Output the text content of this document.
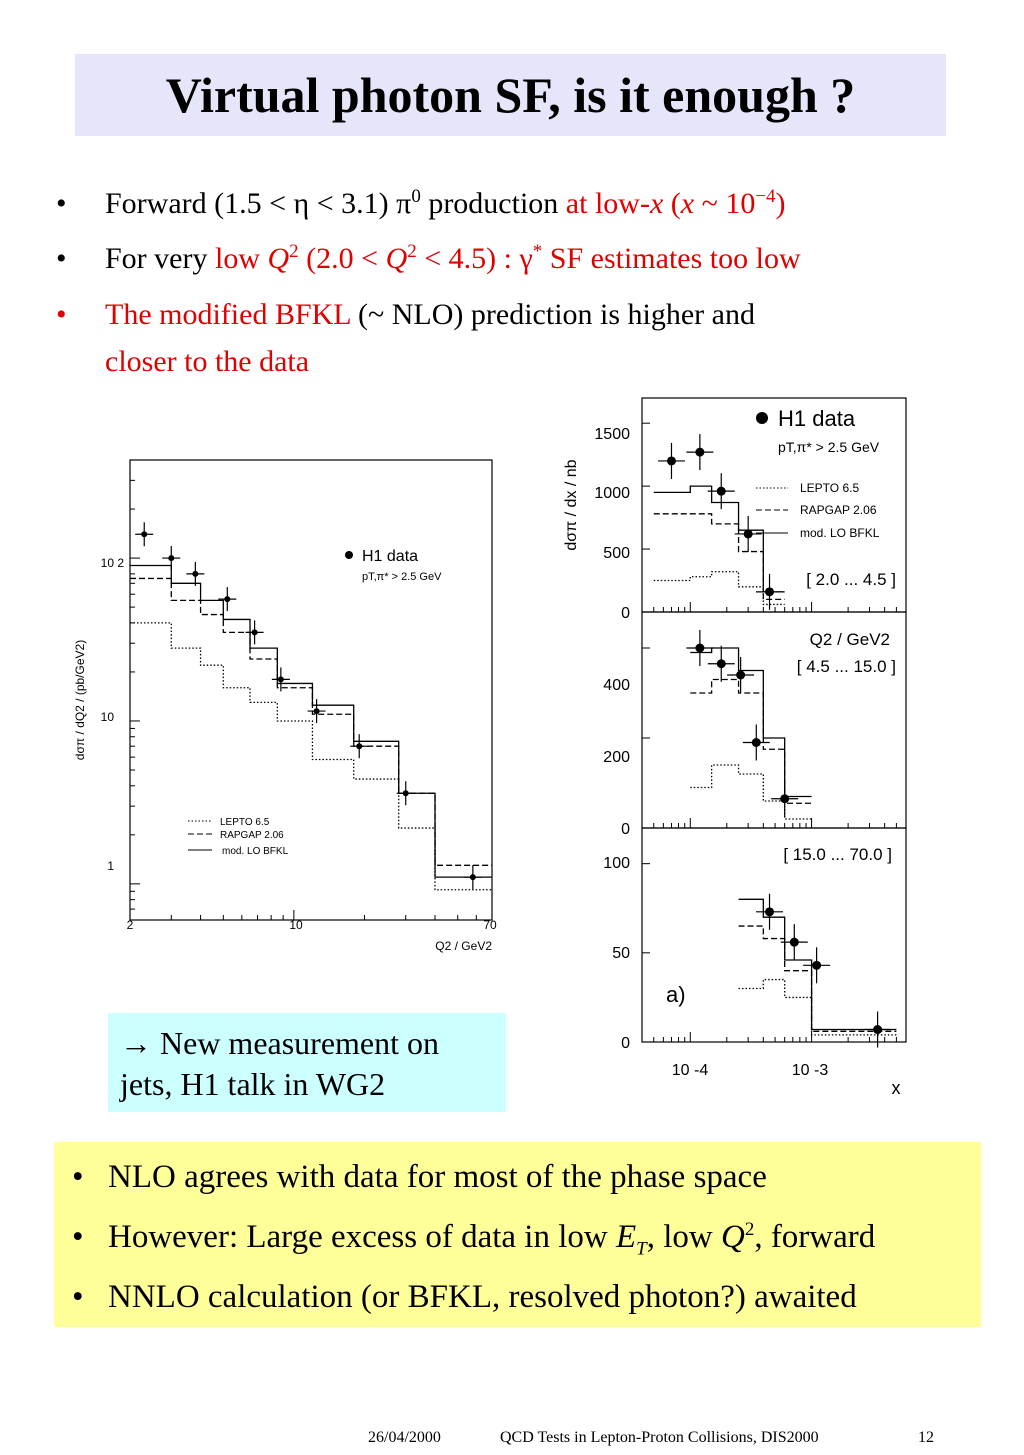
Virtual photon SF, is it enough ?
• Forward (1.5 < η < 3.1) $\pi^0$ production at low-x (x ~ $10^{-4}$)
• For very low $Q^2$ $(2.0 < Q^2 < 4.5)$ : γ* SF estimates too low
• The modified BFKL (~ NLO) prediction is higher and
closer to the data
1
10
10 2
2	10	70
Q2 / GeV2
dσπ / dQ2 / (pb/GeV2)
H1 data
pT,π* > 2.5 GeV
LEPTO 6.5
RAPGAP 2.06
mod. LO BFKL
1500
1000
500
0
400
200
0
100
50
0
10 -4	10 -3
x
dσπ / dx / nb
H1 data
pT,π* > 2.5 GeV
LEPTO 6.5
RAPGAP 2.06
mod. LO BFKL
[ 2.0 ... 4.5 ]
Q2 / GeV2
[ 4.5 ... 15.0 ]
[ 15.0 ... 70.0 ]
a)
→ New measurement on
jets, H1 talk in WG2
• NLO agrees with data for most of the phase space
• However: Large excess of data in low $E_T$, low $Q^2$, forward
• NNLO calculation (or BFKL, resolved photon?) awaited
26/04/2000	QCD Tests in Lepton-Proton Collisions, DIS2000	12
